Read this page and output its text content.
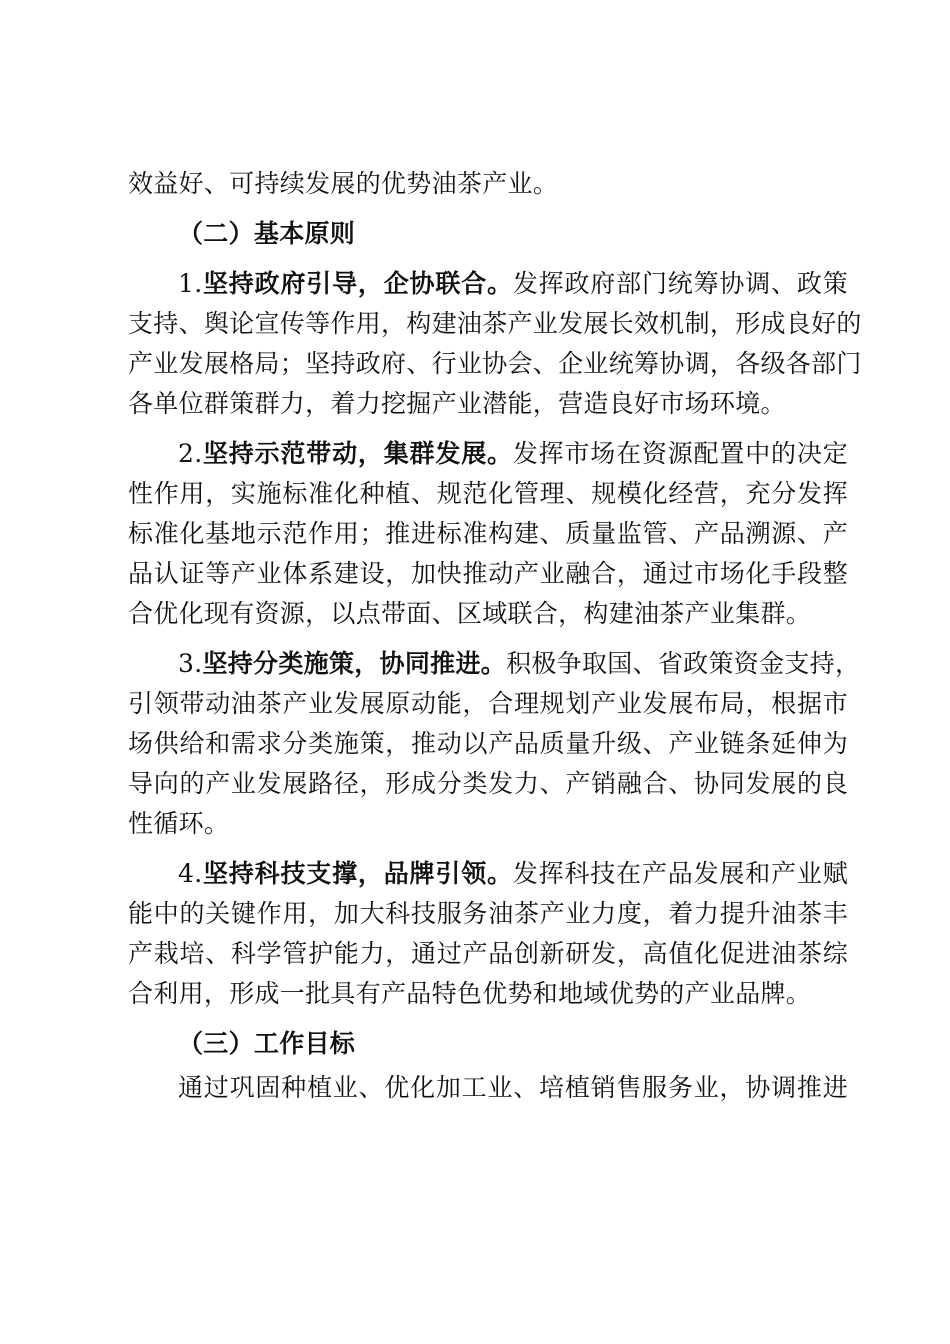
效益好、可持续发展的优势油茶产业。
（二）基本原则
1.坚持政府引导，企协联合。发挥政府部门统筹协调、政策
支持、舆论宣传等作用，构建油茶产业发展长效机制，形成良好的
产业发展格局；坚持政府、行业协会、企业统筹协调，各级各部门
各单位群策群力，着力挖掘产业潜能，营造良好市场环境。
2.坚持示范带动，集群发展。发挥市场在资源配置中的决定
性作用，实施标准化种植、规范化管理、规模化经营，充分发挥
标准化基地示范作用；推进标准构建、质量监管、产品溯源、产
品认证等产业体系建设，加快推动产业融合，通过市场化手段整
合优化现有资源，以点带面、区域联合，构建油茶产业集群。
3.坚持分类施策，协同推进。积极争取国、省政策资金支持，
引领带动油茶产业发展原动能，合理规划产业发展布局，根据市
场供给和需求分类施策，推动以产品质量升级、产业链条延伸为
导向的产业发展路径，形成分类发力、产销融合、协同发展的良
性循环。
4.坚持科技支撑，品牌引领。发挥科技在产品发展和产业赋
能中的关键作用，加大科技服务油茶产业力度，着力提升油茶丰
产栽培、科学管护能力，通过产品创新研发，高值化促进油茶综
合利用，形成一批具有产品特色优势和地域优势的产业品牌。
（三）工作目标
通过巩固种植业、优化加工业、培植销售服务业，协调推进
